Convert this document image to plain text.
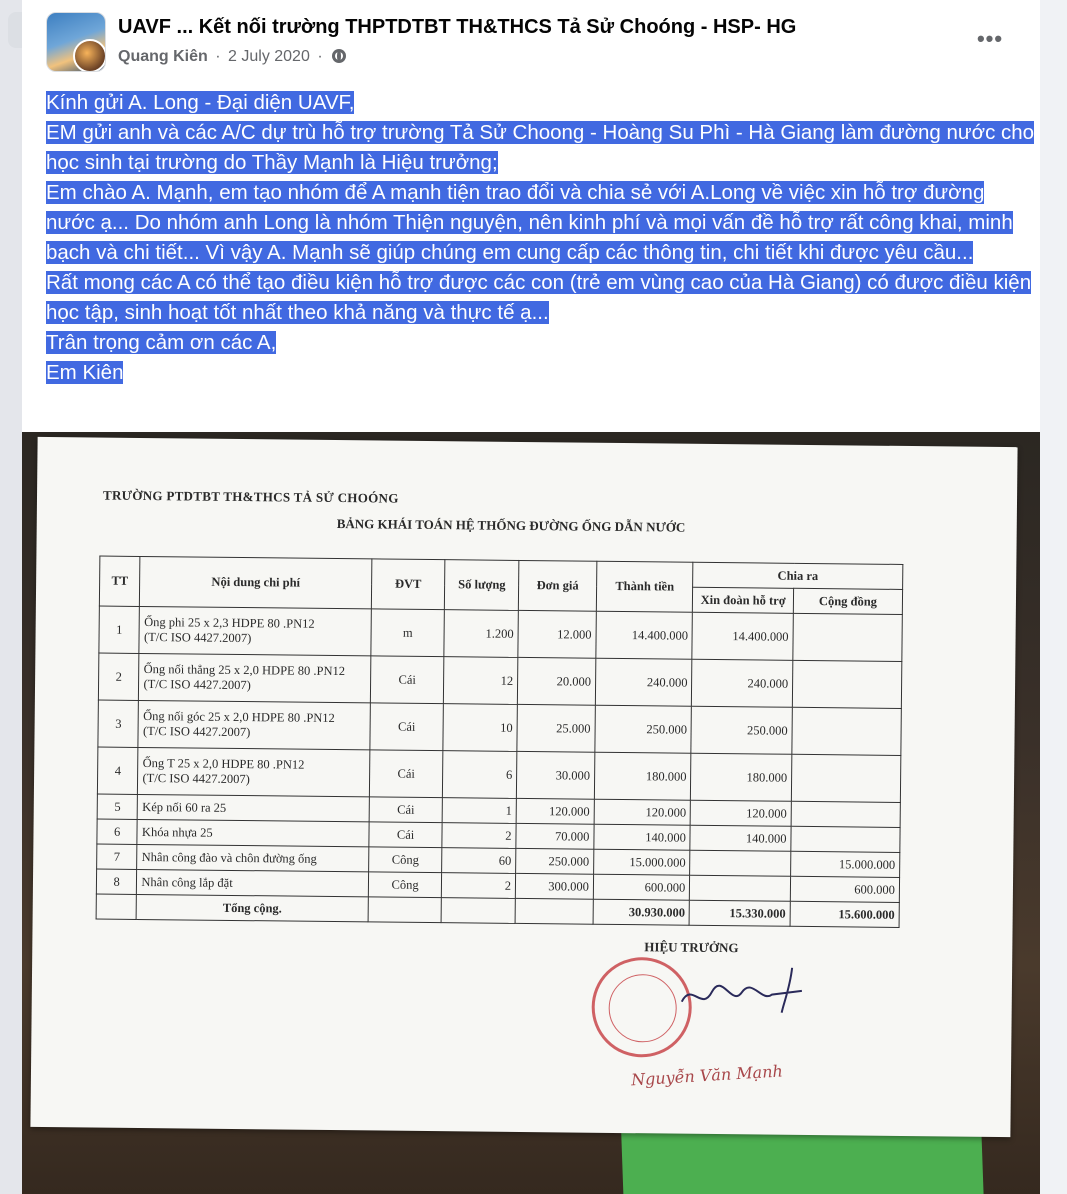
UAVF ... Kết nối trường THPTDTBT TH&THCS Tả Sử Choóng - HSP- HG
Quang Kiên · 2 July 2020 ·
•••

Kính gửi A. Long - Đại diện UAVF,

EM gửi anh và các A/C dự trù hỗ trợ trường Tả Sử Choong - Hoàng Su Phì - Hà Giang làm đường nước cho học sinh tại trường do Thầy Mạnh là Hiệu trưởng;

Em chào A. Mạnh, em tạo nhóm để A mạnh tiện trao đổi và chia sẻ với A.Long về việc xin hỗ trợ đường nước ạ... Do nhóm anh Long là nhóm Thiện nguyện, nên kinh phí và mọi vấn đề hỗ trợ rất công khai, minh bạch và chi tiết... Vì vậy A. Mạnh sẽ giúp chúng em cung cấp các thông tin, chi tiết khi được yêu cầu...

Rất mong các A có thể tạo điều kiện hỗ trợ được các con (trẻ em vùng cao của Hà Giang) có được điều kiện học tập, sinh hoạt tốt nhất theo khả năng và thực tế ạ...

Trân trọng cảm ơn các A,

Em Kiên

TRƯỜNG PTDTBT TH&THCS TẢ SỬ CHOÓNG
BẢNG KHÁI TOÁN HỆ THỐNG ĐƯỜNG ỐNG DẪN NƯỚC
TT	Nội dung chi phí	ĐVT	Số lượng	Đơn giá	Thành tiền	Chia ra	
						Xin đoàn hỗ trợ	Cộng đồng
1	Ống phi 25 x 2,3 HDPE 80 .PN12
(T/C ISO 4427.2007)	m	1.200	12.000	14.400.000	14.400.000	
2	Ống nối thẳng 25 x 2,0 HDPE 80 .PN12
(T/C ISO 4427.2007)	Cái	12	20.000	240.000	240.000	
3	Ống nối góc 25 x 2,0 HDPE 80 .PN12
(T/C ISO 4427.2007)	Cái	10	25.000	250.000	250.000	
4	Ống T 25 x 2,0 HDPE 80 .PN12
(T/C ISO 4427.2007)	Cái	6	30.000	180.000	180.000	
5	Kép nối 60 ra 25	Cái	1	120.000	120.000	120.000	
6	Khóa nhựa 25	Cái	2	70.000	140.000	140.000	
7	Nhân công đào và chôn đường ống	Công	60	250.000	15.000.000		15.000.000
8	Nhân công lắp đặt	Công	2	300.000	600.000		600.000
	Tổng cộng.				30.930.000	15.330.000	15.600.000
HIỆU TRƯỞNG
Nguyễn Văn Mạnh
